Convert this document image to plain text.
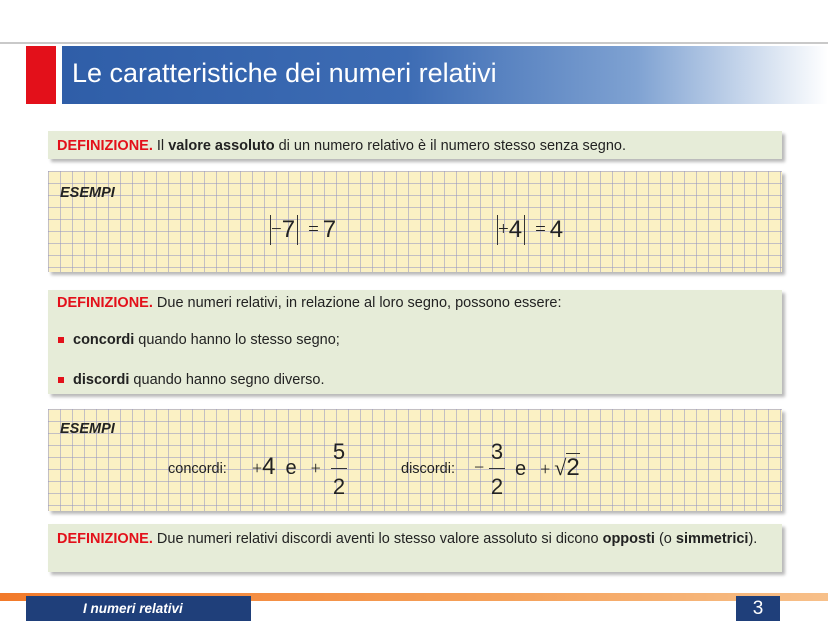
Le caratteristiche dei numeri relativi
DEFINIZIONE. Il valore assoluto di un numero relativo è il numero stesso senza segno.
ESEMPI
−7 = 7	+4 = 4
DEFINIZIONE. Due numeri relativi, in relazione al loro segno, possono essere:
concordi quando hanno lo stesso segno;
discordi quando hanno segno diverso.
ESEMPI
concordi: +4 e +
5
2
discordi: −
3
2
e + √2
DEFINIZIONE. Due numeri relativi discordi aventi lo stesso valore assoluto si dicono opposti (o simmetrici).
I numeri relativi	3
